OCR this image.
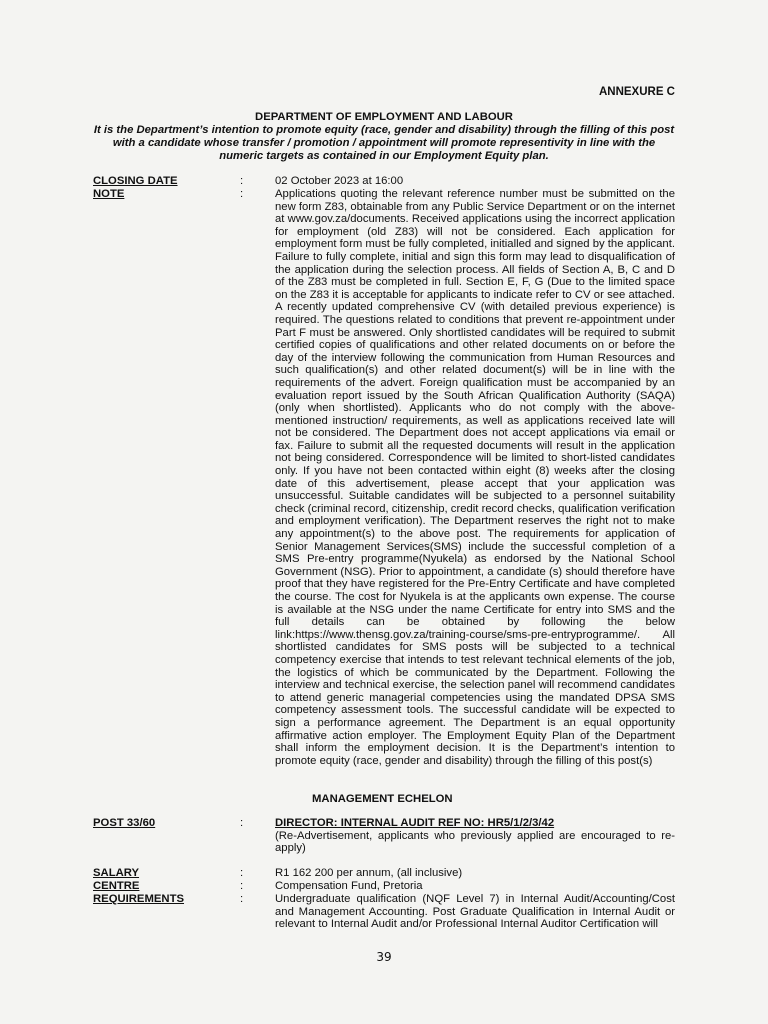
ANNEXURE C
DEPARTMENT OF EMPLOYMENT AND LABOUR
It is the Department’s intention to promote equity (race, gender and disability) through the filling of this post with a candidate whose transfer / promotion / appointment will promote representivity in line with the numeric targets as contained in our Employment Equity plan.
CLOSING DATE	:	02 October 2023 at 16:00
NOTE	:	Applications quoting the relevant reference number must be submitted on the new form Z83, obtainable from any Public Service Department or on the internet at www.gov.za/documents. Received applications using the incorrect application for employment (old Z83) will not be considered. Each application for employment form must be fully completed, initialled and signed by the applicant. Failure to fully complete, initial and sign this form may lead to disqualification of the application during the selection process. All fields of Section A, B, C and D of the Z83 must be completed in full. Section E, F, G (Due to the limited space on the Z83 it is acceptable for applicants to indicate refer to CV or see attached. A recently updated comprehensive CV (with detailed previous experience) is required. The questions related to conditions that prevent re-appointment under Part F must be answered. Only shortlisted candidates will be required to submit certified copies of qualifications and other related documents on or before the day of the interview following the communication from Human Resources and such qualification(s) and other related document(s) will be in line with the requirements of the advert. Foreign qualification must be accompanied by an evaluation report issued by the South African Qualification Authority (SAQA) (only when shortlisted). Applicants who do not comply with the above-mentioned instruction/ requirements, as well as applications received late will not be considered. The Department does not accept applications via email or fax. Failure to submit all the requested documents will result in the application not being considered. Correspondence will be limited to short-listed candidates only. If you have not been contacted within eight (8) weeks after the closing date of this advertisement, please accept that your application was unsuccessful. Suitable candidates will be subjected to a personnel suitability check (criminal record, citizenship, credit record checks, qualification verification and employment verification). The Department reserves the right not to make any appointment(s) to the above post. The requirements for application of Senior Management Services(SMS) include the successful completion of a SMS Pre-entry programme(Nyukela) as endorsed by the National School Government (NSG). Prior to appointment, a candidate (s) should therefore have proof that they have registered for the Pre-Entry Certificate and have completed the course. The cost for Nyukela is at the applicants own expense. The course is available at the NSG under the name Certificate for entry into SMS and the full details can be obtained by following the below link:https://www.thensg.gov.za/training-course/sms-pre-entryprogramme/. All shortlisted candidates for SMS posts will be subjected to a technical competency exercise that intends to test relevant technical elements of the job, the logistics of which be communicated by the Department. Following the interview and technical exercise, the selection panel will recommend candidates to attend generic managerial competencies using the mandated DPSA SMS competency assessment tools. The successful candidate will be expected to sign a performance agreement. The Department is an equal opportunity affirmative action employer. The Employment Equity Plan of the Department shall inform the employment decision. It is the Department’s intention to promote equity (race, gender and disability) through the filling of this post(s)
MANAGEMENT ECHELON
POST 33/60	:	DIRECTOR: INTERNAL AUDIT REF NO: HR5/1/2/3/42
(Re-Advertisement, applicants who previously applied are encouraged to re-apply)
SALARY	:	R1 162 200 per annum, (all inclusive)
CENTRE	:	Compensation Fund, Pretoria
REQUIREMENTS	:	Undergraduate qualification (NQF Level 7) in Internal Audit/Accounting/Cost and Management Accounting. Post Graduate Qualification in Internal Audit or relevant to Internal Audit and/or Professional Internal Auditor Certification will
39
